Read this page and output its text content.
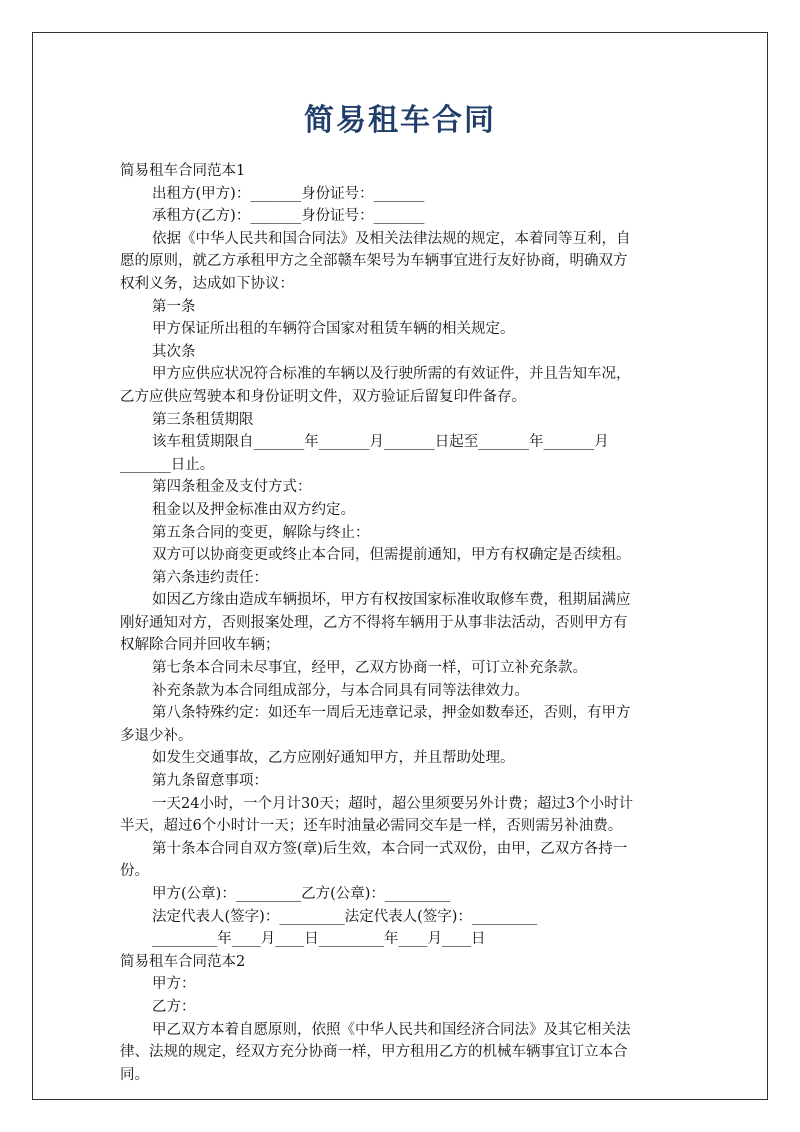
简易租车合同
简易租车合同范本1
出租方(甲方)：_______身份证号：_______
承租方(乙方)：_______身份证号：_______
依据《中华人民共和国合同法》及相关法律法规的规定，本着同等互利，自
愿的原则，就乙方承租甲方之全部赣车架号为车辆事宜进行友好协商，明确双方
权利义务，达成如下协议：
第一条
甲方保证所出租的车辆符合国家对租赁车辆的相关规定。
其次条
甲方应供应状况符合标准的车辆以及行驶所需的有效证件，并且告知车况，
乙方应供应驾驶本和身份证明文件，双方验证后留复印件备存。
第三条租赁期限
该车租赁期限自_______年_______月_______日起至_______年_______月
_______日止。
第四条租金及支付方式：
租金以及押金标准由双方约定。
第五条合同的变更，解除与终止：
双方可以协商变更或终止本合同，但需提前通知，甲方有权确定是否续租。
第六条违约责任：
如因乙方缘由造成车辆损坏，甲方有权按国家标准收取修车费，租期届满应
刚好通知对方，否则报案处理，乙方不得将车辆用于从事非法活动，否则甲方有
权解除合同并回收车辆；
第七条本合同未尽事宜，经甲，乙双方协商一样，可订立补充条款。
补充条款为本合同组成部分，与本合同具有同等法律效力。
第八条特殊约定：如还车一周后无违章记录，押金如数奉还，否则，有甲方
多退少补。
如发生交通事故，乙方应刚好通知甲方，并且帮助处理。
第九条留意事项：
一天24小时，一个月计30天；超时，超公里须要另外计费；超过3个小时计
半天，超过6个小时计一天；还车时油量必需同交车是一样，否则需另补油费。
第十条本合同自双方签(章)后生效，本合同一式双份，由甲，乙双方各持一
份。
甲方(公章)：_________乙方(公章)：_________
法定代表人(签字)：_________法定代表人(签字)：_________
_________年____月____日_________年____月____日
简易租车合同范本2
甲方：
乙方：
甲乙双方本着自愿原则，依照《中华人民共和国经济合同法》及其它相关法
律、法规的规定，经双方充分协商一样，甲方租用乙方的机械车辆事宜订立本合
同。
